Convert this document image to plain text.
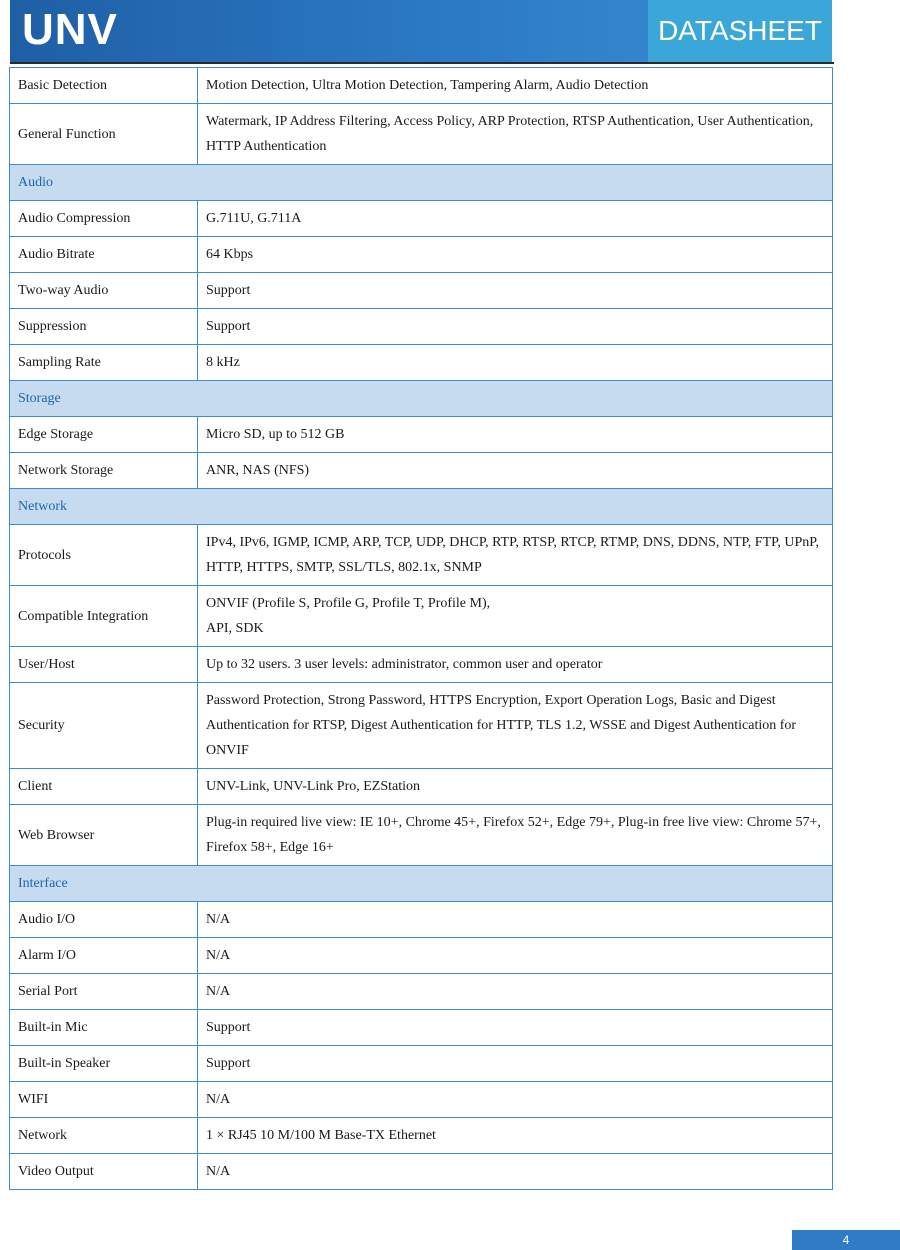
UNV	DATASHEET
Basic Detection	Motion Detection, Ultra Motion Detection, Tampering Alarm, Audio Detection
General Function	Watermark, IP Address Filtering, Access Policy, ARP Protection, RTSP Authentication, User Authentication, HTTP Authentication
Audio	
Audio Compression	G.711U, G.711A
Audio Bitrate	64 Kbps
Two-way Audio	Support
Suppression	Support
Sampling Rate	8 kHz
Storage	
Edge Storage	Micro SD, up to 512 GB
Network Storage	ANR, NAS (NFS)
Network	
Protocols	IPv4, IPv6, IGMP, ICMP, ARP, TCP, UDP, DHCP, RTP, RTSP, RTCP, RTMP, DNS, DDNS, NTP, FTP, UPnP, HTTP, HTTPS, SMTP, SSL/TLS, 802.1x, SNMP
Compatible Integration	ONVIF (Profile S, Profile G, Profile T, Profile M),
API, SDK
User/Host	Up to 32 users. 3 user levels: administrator, common user and operator
Security	Password Protection, Strong Password, HTTPS Encryption, Export Operation Logs, Basic and Digest Authentication for RTSP, Digest Authentication for HTTP, TLS 1.2, WSSE and Digest Authentication for ONVIF
Client	UNV-Link, UNV-Link Pro, EZStation
Web Browser	Plug-in required live view: IE 10+, Chrome 45+, Firefox 52+, Edge 79+, Plug-in free live view: Chrome 57+, Firefox 58+, Edge 16+
Interface	
Audio I/O	N/A
Alarm I/O	N/A
Serial Port	N/A
Built-in Mic	Support
Built-in Speaker	Support
WIFI	N/A
Network	1 × RJ45 10 M/100 M Base-TX Ethernet
Video Output	N/A
4
